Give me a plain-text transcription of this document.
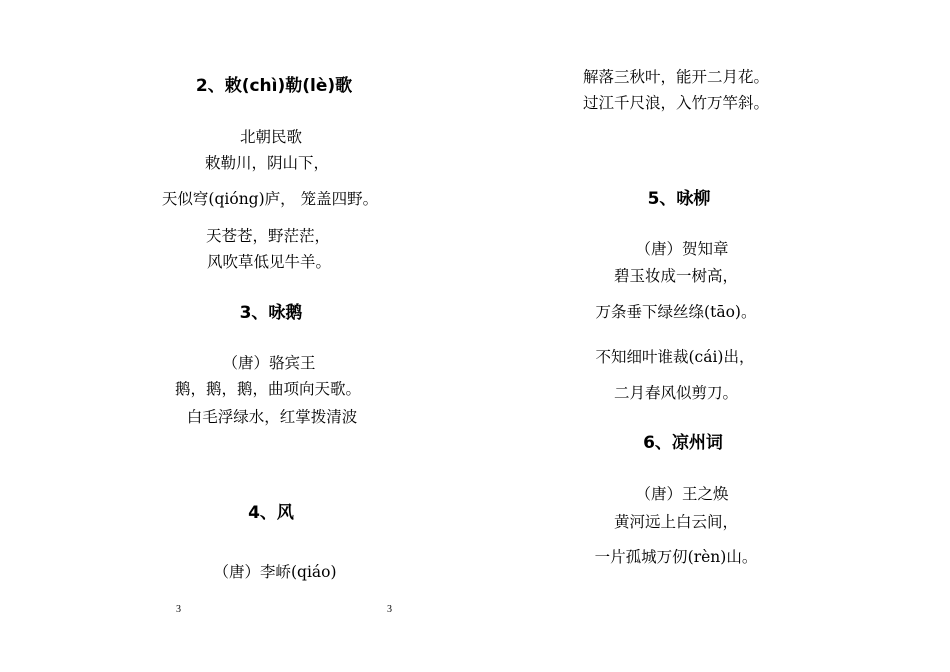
2、敕(chì)勒(lè)歌
北朝民歌
敕勒川，阴山下，
天似穹(qióng)庐， 笼盖四野。
天苍苍，野茫茫，
风吹草低见牛羊。
3、咏鹅
（唐）骆宾王
鹅，鹅，鹅，曲项向天歌。
白毛浮绿水，红掌拨清波
4、风
（唐）李峤(qiáo)
3
解落三秋叶，能开二月花。
过江千尺浪，入竹万竿斜。
5、咏柳
（唐）贺知章
碧玉妆成一树高，
万条垂下绿丝绦(tāo)。
不知细叶谁裁(cái)出，
二月春风似剪刀。
6、凉州词
（唐）王之焕
黄河远上白云间，
一片孤城万仞(rèn)山。
3
